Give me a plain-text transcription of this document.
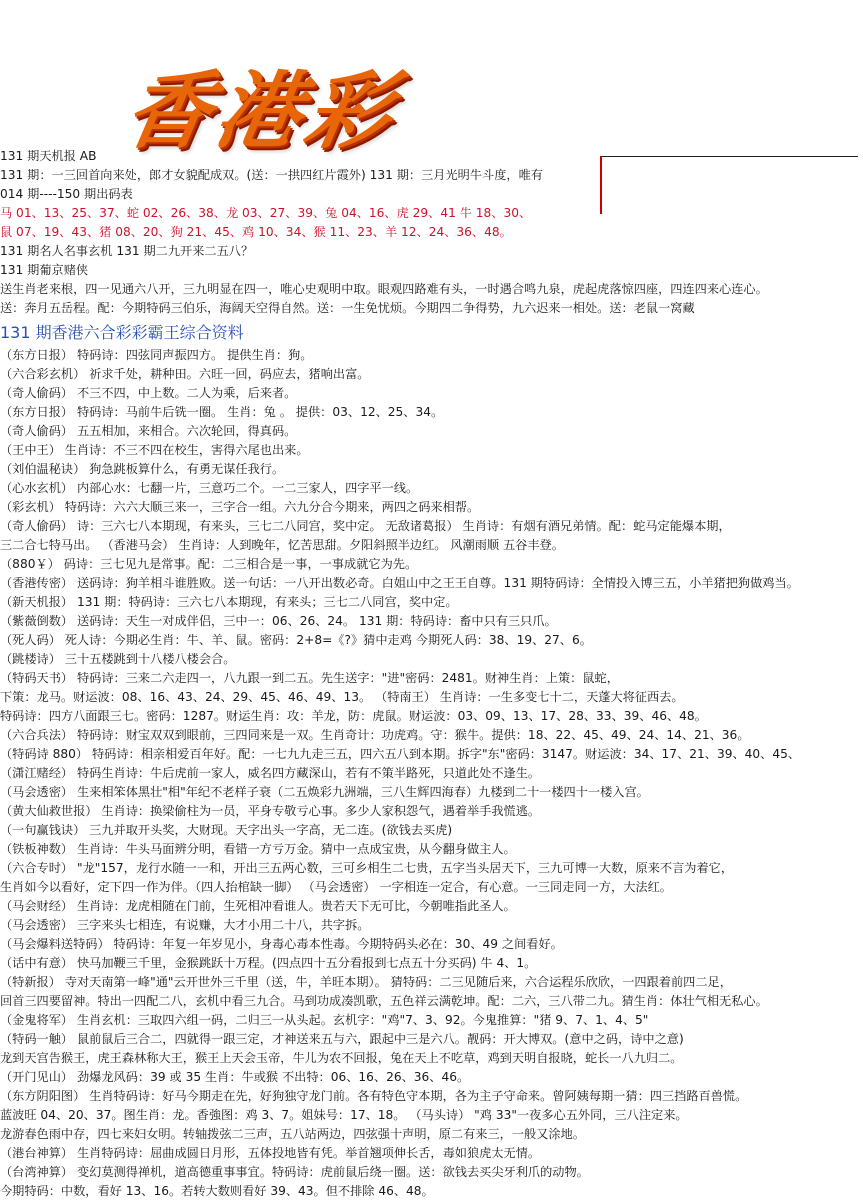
香港彩
131 期天机报 AB
131 期：一三回首向来处，郎才女貌配成双。(送：一拱四红片霞外) 131 期：三月光明牛斗度，唯有
014 期----150 期出码表
马 01、13、25、37、蛇 02、26、38、龙 03、27、39、兔 04、16、虎 29、41 牛 18、30、
鼠 07、19、43、猪 08、20、狗 21、45、鸡 10、34、猴 11、23、羊 12、24、36、48。
131 期名人名事玄机 131 期二九开来二五八？
131 期葡京赌侠
送生肖老来根，四一见通六八开，三九明显在四一，唯心史观明中取。眼观四路难有头，一时遇合鸣九泉，虎起虎落惊四座，四连四来心连心。
送：奔月五岳程。配：今期特码三伯乐，海阔天空得自然。送：一生免忧烦。今期四二争得势，九六迟来一相处。送：老鼠一窝藏
131 期香港六合彩彩霸王综合资料
（东方日报） 特码诗：四弦同声振四方。 提供生肖：狗。
（六合彩玄机） 祈求千处，耕种田。六旺一回，码应去，猪响出富。
（奇人偷码） 不三不四，中上数。二人为乘，后来者。
（东方日报） 特码诗：马前牛后铣一圈。 生肖：兔 。 提供：03、12、25、34。
（奇人偷码） 五五相加，来相合。六次轮回，得真码。
（王中王） 生肖诗：不三不四在校生，害得六尾也出来。
（刘伯温秘诀） 狗急跳板算什么，有勇无谋任我行。
（心水玄机） 内部心水：七翻一片，三意巧二个。一二三家人，四字平一线。
（彩玄机） 特码诗：六六大顺三来一，三字合一组。六九分合今期来，两四之码来相帮。
（奇人偷码） 诗：三六七八本期现，有来头，三七二八同宫，奖中定。 无敌诸葛报） 生肖诗：有烟有酒兄弟情。配：蛇马定能爆本期，
三二合七特马出。 （香港马会） 生肖诗：人到晚年，忆苦思甜。夕阳斜照半边红。 风潮雨顺 五谷丰登。
（880￥） 码诗：三七见九是常事。配：二三相合是一事，一事成就它为先。
（香港传密） 送码诗：狗羊相斗谁胜败。送一句话：一八开出数必奇。白姐山中之王王自尊。131 期特码诗：全情投入博三五，小羊猪把狗做鸡当。
（新天机报） 131 期：特码诗：三六七八本期现，有来头；三七二八同宫，奖中定。
（紫薇倒数） 送码诗：天生一对成伴侣，三中一：06、26、24。 131 期：特码诗：畜中只有三只爪。
（死人码） 死人诗：今期必生肖：牛、羊、鼠。密码：2+8=《?》猜中走鸡 今期死人码：38、19、27、6。
（跳楼诗） 三十五楼跳到十八楼八楼会合。
（特码天书） 特码诗：三来二六走四一，八九跟一到二五。先生送字："进"密码：2481。财神生肖：上策：鼠蛇，
下策：龙马。财运波：08、16、43、24、29、45、46、49、13。 （特南王） 生肖诗：一生多变七十二，天蓬大将征西去。
特码诗：四方八面跟三七。密码：1287。财运生肖：攻：羊龙，防：虎鼠。财运波：03、09、13、17、28、33、39、46、48。
（六合兵法） 特码诗：财宝双双到眼前，三四同来是一双。生肖奇计：功虎鸡。守：猴牛。提供：18、22、45、49、24、14、21、36。
（特码诗 880） 特码诗：相亲相爱百年好。配：一七九九走三五，四六五八到本期。拆字"东"密码：3147。财运波：34、17、21、39、40、45、
（潇江赌经） 特码生肖诗：牛后虎前一家人，威名四方藏深山，若有不策半路死，只道此处不逢生。
（马会透密） 生来相笨体黑壮"相"年纪不老样子衰（二五焕彩九洲端，三八生辉四海春）九楼到二十一楼四十一楼入宫。
（黄大仙救世报） 生肖诗：换梁偷柱为一员，平身专敬亏心事。多少人家积怨气，遇着举手我慌逃。
（一句赢钱诀） 三九并取开头奖，大财现。天字出头一字高，无二连。(欲钱去买虎)
（铁板神数） 生肖诗：牛头马面辨分明，看错一方亏万金。猜中一点成宝贵，从今翻身做主人。
（六合专时） "龙"157，龙行水随一一和，开出三五两心数，三可乡相生二七贵，五字当头居天下，三九可博一大数，原来不言为着它，
生肖如今以看好，定下四一作为伴。（四人抬棺缺一脚） （马会透密） 一字相连一定合，有心意。一三同走同一方，大法红。
（马会财经） 生肖诗：龙虎相随在门前，生死相冲看谁人。贵若天下无可比，今朝唯指此圣人。
（马会透密） 三字来头七相连，有说赚，大才小用二十八，共字拆。
（马会爆料送特码） 特码诗：年复一年岁见小，身毒心毒本性毒。今期特码头必在：30、49 之间看好。
（话中有意） 快马加鞭三千里，金猴跳跃十万程。(四点四十五分看报到七点五十分买码) 牛 4、1。
（特新报） 寺对天南第一峰"通"云开世外三千里（送，牛，羊旺本期）。 猜特码：二三见随后来，六合运程乐欣欣，一四跟着前四二足，
回首三四要留神。特出一四配二八，玄机中看三九合。马到功成凑凯歌，五色祥云满乾坤。配：二六，三八带二九。猜生肖：体壮气相无私心。
（金鬼将军） 生肖玄机：三取四六组一码，二归三一从头起。玄机字："鸡"7、3、92。今鬼推算："猪 9、7、1、4、5"
（特码一触） 鼠前鼠后三合二，四就得一跟三定，才神送来五与六，跟起中三是六八。靓码：开大博双。(意中之码，诗中之意)
龙到天宫告猴王，虎王森林称大王，猴王上天会玉帝，牛儿为农不回报，兔在天上不吃草，鸡到天明自报晓，蛇长一八九归二。
（开门见山） 劲爆龙风码：39 或 35 生肖：牛或猴 不出特：06、16、26、36、46。
（东方阴阳图） 生肖特码诗：好马今期走在先，好狗独守龙门前。各有特色守本期，各为主子守命来。曾阿姨每期一猜：四三挡路百兽慌。
蓝波旺 04、20、37。图生肖：龙。香強图：鸡 3、7。姐妹号：17、18。 （马头诗） "鸡 33"一夜多心五外同，三八注定来。
龙游春色雨中存，四七来妇女明。转轴拨弦二三声，五八站两边，四弦强十声明，原二有来三，一般又涂地。
（港台神算） 生肖特码诗：屈曲成圆日月形，五体投地皆有凭。举首翘项伸长舌，毒如狼虎太无情。
（台湾神算） 变幻莫测得禅机，道高德重事事宜。特码诗：虎前鼠后绕一圈。送：欲钱去买尖牙利爪的动物。
今期特码：中数，看好 13、16。若转大数则看好 39、43。但不排除 46、48。
